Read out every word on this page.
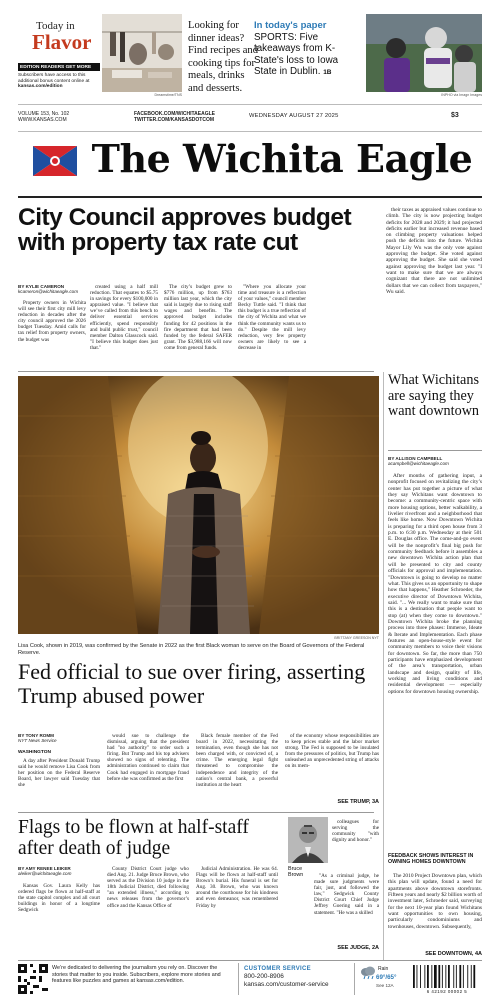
Today in
Flavor
EDITION READERS GET MORE
Subscribers have access to this additional bonus content online at kansas.com/edition
Dreamstime/TNS
Looking for dinner ideas? Find recipes and cooking tips for meals, drinks and desserts.
In today's paper
SPORTS: Five takeaways from K-State's loss to Iowa State in Dublin. 1B
INPHO via Imagn Images
VOLUME 153, No. 102
WWW.KANSAS.COM
FACEBOOK.COM/WICHITAEAGLE
TWITTER.COM/KANSASDOTCOM
WEDNESDAY AUGUST 27 2025	$3
The Wichita Eagle
City Council approves budget with property tax rate cut
BY KYLIE CAMERON
kcameron@wichitaeagle.com

Property owners in Wichita will see their first city mill levy reduction in decades after the city council approved the 2026 budget Tuesday. Amid calls for tax relief from property owners, the budget was

created using a half mill reduction. That equates to $5.75 in savings for every $100,000 in appraised value. "I believe that we’ve called from this bench to deliver essential services efficiently, spend responsibly and build public trust," council member Dalton Glasscock said. "I believe this budget does just that."

The city’s budget grew to $776 million, up from $763 million last year, which the city said is largely due to rising staff wages and benefits. The approved budget includes funding for 42 positions in the fire department that had been funded by the federal SAFER grant. The $3,988,166 will now come from general funds.

"Where you allocate your time and treasure is a reflection of your values," council member Becky Tuttle said. "I think that this budget is a true reflection of the city of Wichita and what we think the community wants us to do." Despite the mill levy reduction, very few property owners are likely to see a decrease in

their taxes as appraised values continue to climb. The city is now projecting budget deficits for 2028 and 2029; it had projected deficits earlier but increased revenue based on climbing property valuations helped push the deficits into the future. Wichita Mayor Lily Wu was the only vote against approving the budget. She voted against approving the budget. She said she voted against approving the budget last year. "I want to make sure that we are always cognizant that there are not unlimited dollars that we can collect from taxpayers," Wu said.

BRITTANY GREESON NYT
Lisa Cook, shown in 2019, was confirmed by the Senate in 2022 as the first Black woman to serve on the Board of Governors of the Federal Reserve.
What Wichitans are saying they want downtown
BY ALLISON CAMPBELL
acampbell@wichitaeagle.com

After months of gathering input, a nonprofit focused on revitalizing the city’s center has put together a picture of what they say Wichitans want downtown to become: a community-centric space with more housing options, better walkability, a livelier riverfront and a neighborhood that feels like home. Now Downtown Wichita is preparing for a third open house from 3 p.m. to 6:30 p.m. Wednesday at their 501 E. Douglas office. The come-and-go event will be the nonprofit’s final big push for community feedback before it assembles a new downtown Wichita action plan that will be presented to city and county officials for approval and implementation. "Downtown is going to develop no matter what. This gives us an opportunity to shape how that happens," Heather Schroeder, the executive director of Downtown Wichita, said. "... We really want to make sure that this is a destination that people want to stop (at) when they come to downtown." Downtown Wichita broke the planning process into three phases: Immerse, Ideate & Iterate and Implementation. Each phase features an open-house-style event for community members to voice their visions for downtown. So far, the more than 750 participants have emphasized development of the area’s transportation, urban landscape and design, quality of life, working and living conditions and residential development — especially options for downtown housing ownership.

FEEDBACK SHOWS INTEREST IN OWNING HOMES DOWNTOWN

The 2010 Project Downtown plan, which this plan will update, found a need for apartments above downtown storefronts. Fifteen years and nearly $2 billion worth of investment later, Schroeder said, surveying for the next 10-year plan found Wichitans want opportunities to own housing, particularly condominiums and townhouses, downtown. Subsequently,

SEE DOWNTOWN, 4A
Fed official to sue over firing, asserting Trump abused power
BY TONY ROMM
NYT News Service
WASHINGTON

A day after President Donald Trump said he would remove Lisa Cook from her position on the Federal Reserve Board, her lawyer said Tuesday that she

would sue to challenge the dismissal, arguing that the president had "no authority" to order such a firing. But Trump and his top advisers showed no signs of relenting. The administration continued to claim that Cook had engaged in mortgage fraud before she was confirmed as the first

Black female member of the Fed board in 2022, necessitating the termination, even though she has not been charged with, or convicted of, a crime. The emerging legal fight threatened to compromise the independence and integrity of the nation’s central bank, a powerful institution at the heart

of the economy whose responsibilities are to keep prices stable and the labor market strong. The Fed is supposed to be insulated from the pressures of politics, but Trump has unleashed an unprecedented string of attacks on its mem-

SEE TRUMP, 3A
Flags to be flown at half-staff after death of judge
BY AMY RENEE LEIKER
aleiker@wichitaeagle.com

Kansas Gov. Laura Kelly has ordered flags be flown at half-staff at the state capitol complex and all court buildings in honor of a longtime Sedgwick

County District Court judge who died Aug. 21. Judge Bruce Brown, who served as the Division 10 judge in the 18th Judicial District, died following "an extended illness," according to news releases from the governor’s office and the Kansas Office of

Judicial Administration. He was 64. Flags will be flown at half-staff until Brown’s burial. His funeral is set for Aug. 30. Brown, who was known around the courthouse for his kindness and even demeanor, was remembered Friday by

Bruce Brown

colleagues for serving the community "with dignity and honor."

"As a criminal judge, he made sure judgments were fair, just, and followed the law," Sedgwick County District Court Chief Judge Jeffrey Goering said in a statement. "He was a skilled

SEE JUDGE, 2A
We’re dedicated to delivering the journalism you rely on. Discover the stories that matter to you inside. Subscribers, explore more stories and features like puzzles and games at kansas.com/edition.
CUSTOMER SERVICE
800-200-8906
kansas.com/customer-service
Rain
69°/65°
See 12A
6 42192 00002 5
